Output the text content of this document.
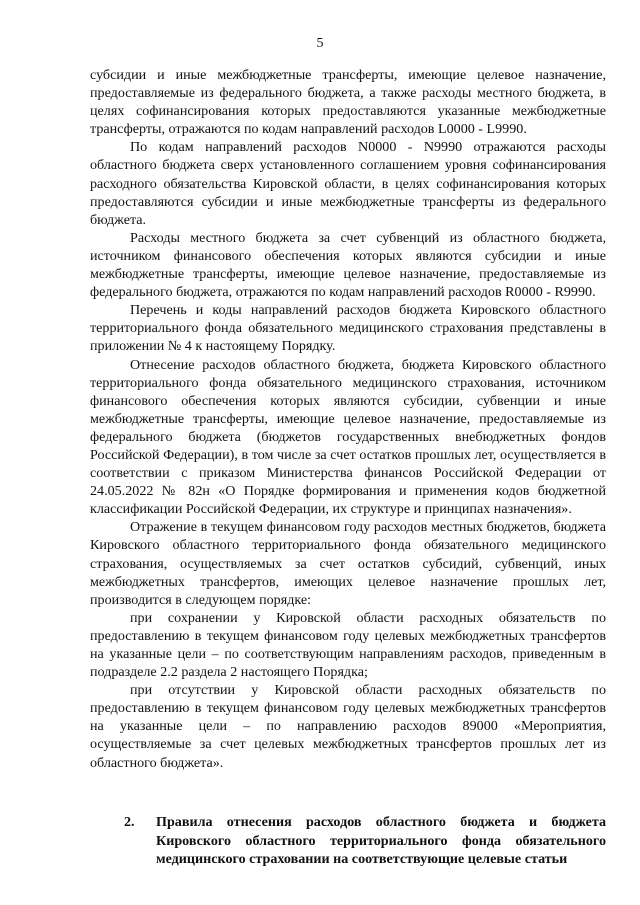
5

субсидии и иные межбюджетные трансферты, имеющие целевое назначение, предоставляемые из федерального бюджета, а также расходы местного бюджета, в целях софинансирования которых предоставляются указанные межбюджетные трансферты, отражаются по кодам направлений расходов L0000 - L9990.

По кодам направлений расходов N0000 - N9990 отражаются расходы областного бюджета сверх установленного соглашением уровня софинансирования расходного обязательства Кировской области, в целях софинансирования которых предоставляются субсидии и иные межбюджетные трансферты из федерального бюджета.

Расходы местного бюджета за счет субвенций из областного бюджета, источником финансового обеспечения которых являются субсидии и иные межбюджетные трансферты, имеющие целевое назначение, предоставляемые из федерального бюджета, отражаются по кодам направлений расходов R0000 - R9990.

Перечень и коды направлений расходов бюджета Кировского областного территориального фонда обязательного медицинского страхования представлены в приложении № 4 к настоящему Порядку.

Отнесение расходов областного бюджета, бюджета Кировского областного территориального фонда обязательного медицинского страхования, источником финансового обеспечения которых являются субсидии, субвенции и иные межбюджетные трансферты, имеющие целевое назначение, предоставляемые из федерального бюджета (бюджетов государственных внебюджетных фондов Российской Федерации), в том числе за счет остатков прошлых лет, осуществляется в соответствии с приказом Министерства финансов Российской Федерации от 24.05.2022 № 82н «О Порядке формирования и применения кодов бюджетной классификации Российской Федерации, их структуре и принципах назначения».

Отражение в текущем финансовом году расходов местных бюджетов, бюджета Кировского областного территориального фонда обязательного медицинского страхования, осуществляемых за счет остатков субсидий, субвенций, иных межбюджетных трансфертов, имеющих целевое назначение прошлых лет, производится в следующем порядке:

при сохранении у Кировской области расходных обязательств по предоставлению в текущем финансовом году целевых межбюджетных трансфертов на указанные цели – по соответствующим направлениям расходов, приведенным в подразделе 2.2 раздела 2 настоящего Порядка;

при отсутствии у Кировской области расходных обязательств по предоставлению в текущем финансовом году целевых межбюджетных трансфертов на указанные цели – по направлению расходов 89000 «Мероприятия, осуществляемые за счет целевых межбюджетных трансфертов прошлых лет из областного бюджета».

2.	Правила отнесения расходов областного бюджета и бюджета Кировского областного территориального фонда обязательного медицинского страховании на соответствующие целевые статьи
